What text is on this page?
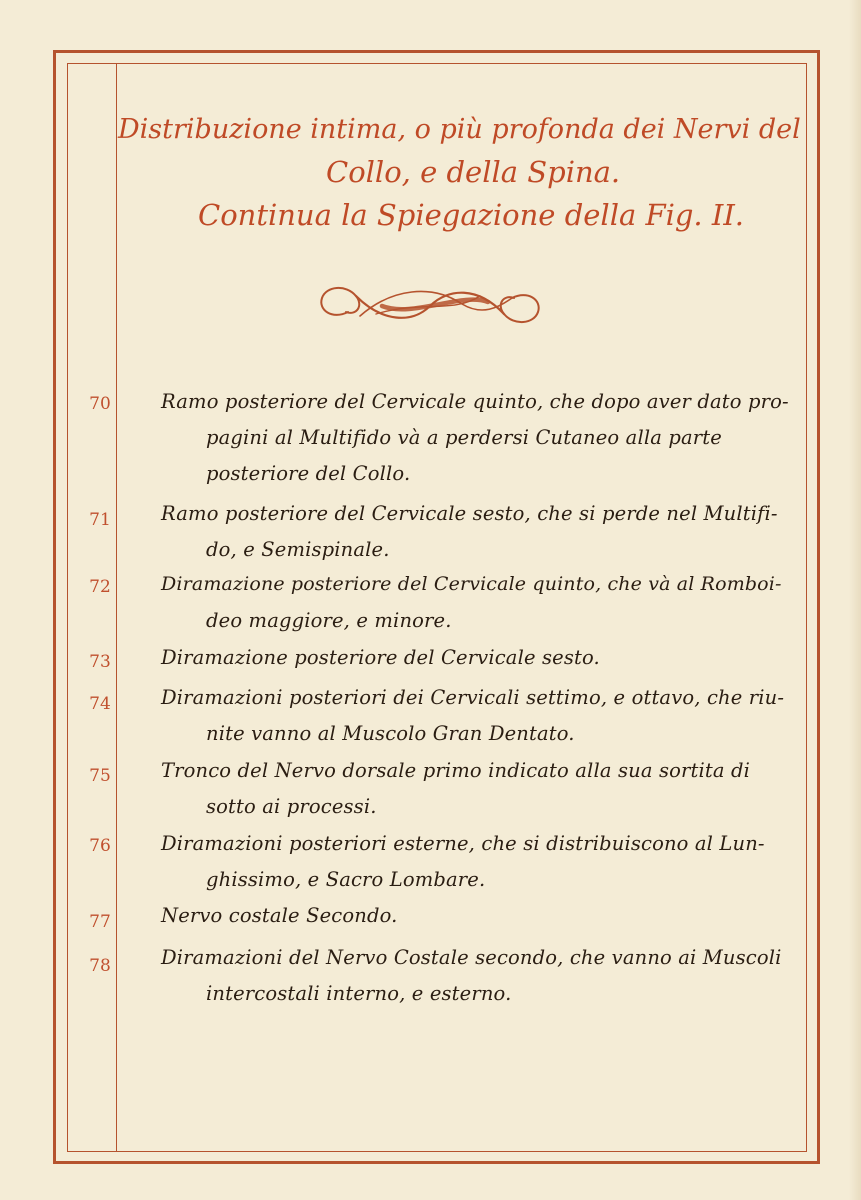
Distribuzione intima, o più profonda dei Nervi del
Collo, e della Spina.
Continua la Spiegazione della Fig. II.
70	Ramo posteriore del Cervicale quinto, che dopo aver dato pro-
pagini al Multifido và a perdersi Cutaneo alla parte
posteriore del Collo.
71	Ramo posteriore del Cervicale sesto, che si perde nel Multifi-
do, e Semispinale.
72	Diramazione posteriore del Cervicale quinto, che và al Romboi-
deo maggiore, e minore.
73	Diramazione posteriore del Cervicale sesto.
74	Diramazioni posteriori dei Cervicali settimo, e ottavo, che riu-
nite vanno al Muscolo Gran Dentato.
75	Tronco del Nervo dorsale primo indicato alla sua sortita di
sotto ai processi.
76	Diramazioni posteriori esterne, che si distribuiscono al Lun-
ghissimo, e Sacro Lombare.
77	Nervo costale Secondo.
78	Diramazioni del Nervo Costale secondo, che vanno ai Muscoli
intercostali interno, e esterno.
